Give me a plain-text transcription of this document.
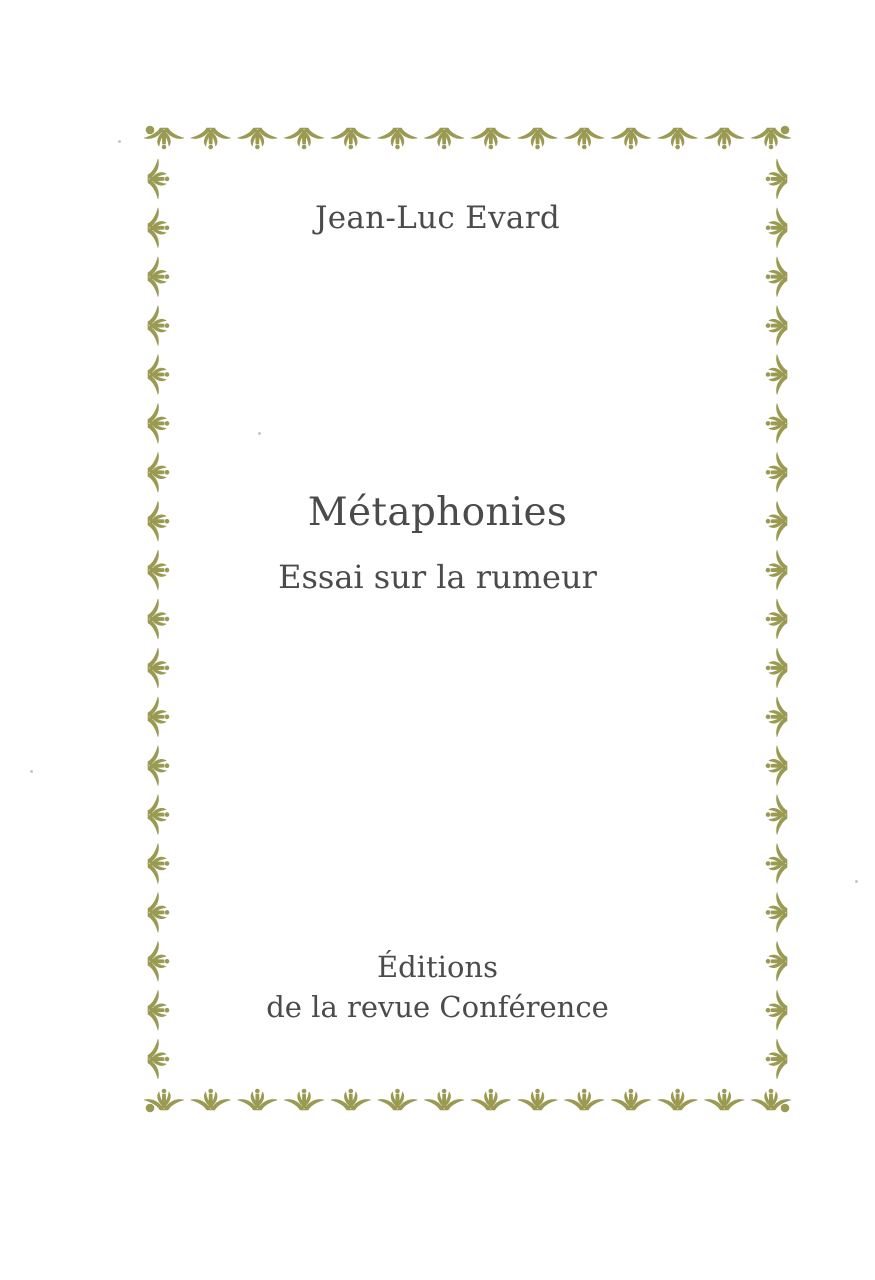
Jean-Luc Evard
Métaphonies
Essai sur la rumeur
Éditions
de la revue Conférence
